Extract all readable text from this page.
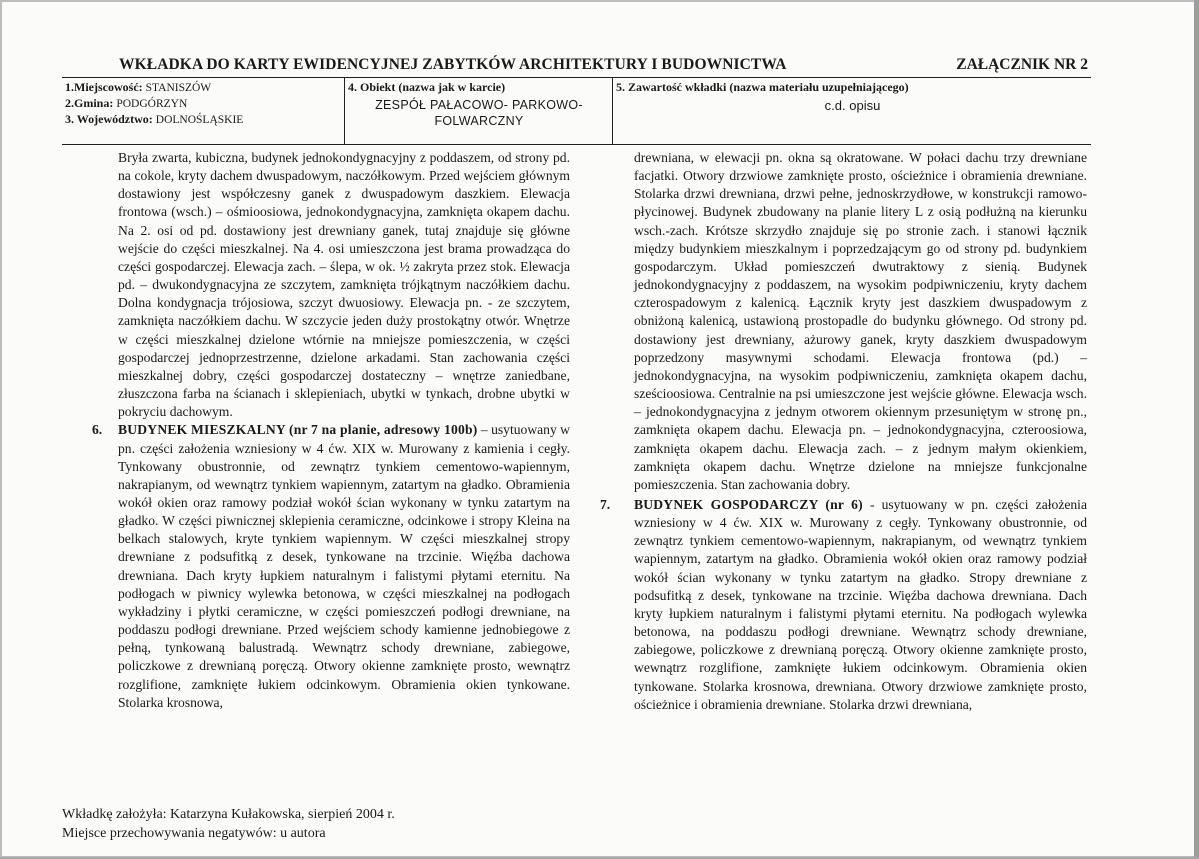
WKŁADKA DO KARTY EWIDENCYJNEJ ZABYTKÓW ARCHITEKTURY I BUDOWNICTWA	ZAŁĄCZNIK NR 2
1.Miejscowość: STANISZÓW
2.Gmina: PODGÓRZYN
3. Województwo: DOLNOŚLĄSKIE
4. Obiekt (nazwa jak w karcie)
ZESPÓŁ PAŁACOWO- PARKOWO-
FOLWARCZNY
5. Zawartość wkładki (nazwa materiału uzupełniającego)
c.d. opisu

Bryła zwarta, kubiczna, budynek jednokondygnacyjny z poddaszem, od strony pd. na cokole, kryty dachem dwuspadowym, naczółkowym. Przed wejściem głównym dostawiony jest współczesny ganek z dwuspadowym daszkiem. Elewacja frontowa (wsch.) – ośmioosiowa, jednokondygnacyjna, zamknięta okapem dachu. Na 2. osi od pd. dostawiony jest drewniany ganek, tutaj znajduje się główne wejście do części mieszkalnej. Na 4. osi umieszczona jest brama prowadząca do części gospodarczej. Elewacja zach. – ślepa, w ok. ½ zakryta przez stok. Elewacja pd. – dwukondygnacyjna ze szczytem, zamknięta trójkątnym naczółkiem dachu. Dolna kondygnacja trójosiowa, szczyt dwuosiowy. Elewacja pn. - ze szczytem, zamknięta naczółkiem dachu. W szczycie jeden duży prostokątny otwór. Wnętrze w części mieszkalnej dzielone wtórnie na mniejsze pomieszczenia, w części gospodarczej jednoprzestrzenne, dzielone arkadami. Stan zachowania części mieszkalnej dobry, części gospodarczej dostateczny – wnętrze zaniedbane, złuszczona farba na ścianach i sklepieniach, ubytki w tynkach, drobne ubytki w pokryciu dachowym.

6. BUDYNEK MIESZKALNY (nr 7 na planie, adresowy 100b) – usytuowany w pn. części założenia wzniesiony w 4 ćw. XIX w. Murowany z kamienia i cegły. Tynkowany obustronnie, od zewnątrz tynkiem cementowo-wapiennym, nakrapianym, od wewnątrz tynkiem wapiennym, zatartym na gładko. Obramienia wokół okien oraz ramowy podział wokół ścian wykonany w tynku zatartym na gładko. W części piwnicznej sklepienia ceramiczne, odcinkowe i stropy Kleina na belkach stalowych, kryte tynkiem wapiennym. W części mieszkalnej stropy drewniane z podsufitką z desek, tynkowane na trzcinie. Więźba dachowa drewniana. Dach kryty łupkiem naturalnym i falistymi płytami eternitu. Na podłogach w piwnicy wylewka betonowa, w części mieszkalnej na podłogach wykładziny i płytki ceramiczne, w części pomieszczeń podłogi drewniane, na poddaszu podłogi drewniane. Przed wejściem schody kamienne jednobiegowe z pełną, tynkowaną balustradą. Wewnątrz schody drewniane, zabiegowe, policzkowe z drewnianą poręczą. Otwory okienne zamknięte prosto, wewnątrz rozglifione, zamknięte łukiem odcinkowym. Obramienia okien tynkowane. Stolarka krosnowa,

drewniana, w elewacji pn. okna są okratowane. W połaci dachu trzy drewniane facjatki. Otwory drzwiowe zamknięte prosto, ościeżnice i obramienia drewniane. Stolarka drzwi drewniana, drzwi pełne, jednoskrzydłowe, w konstrukcji ramowo-płycinowej. Budynek zbudowany na planie litery L z osią podłużną na kierunku wsch.-zach. Krótsze skrzydło znajduje się po stronie zach. i stanowi łącznik między budynkiem mieszkalnym i poprzedzającym go od strony pd. budynkiem gospodarczym. Układ pomieszczeń dwutraktowy z sienią. Budynek jednokondygnacyjny z poddaszem, na wysokim podpiwniczeniu, kryty dachem czterospadowym z kalenicą. Łącznik kryty jest daszkiem dwuspadowym z obniżoną kalenicą, ustawioną prostopadle do budynku głównego. Od strony pd. dostawiony jest drewniany, ażurowy ganek, kryty daszkiem dwuspadowym poprzedzony masywnymi schodami. Elewacja frontowa (pd.) – jednokondygnacyjna, na wysokim podpiwniczeniu, zamknięta okapem dachu, sześcioosiowa. Centralnie na psi umieszczone jest wejście główne. Elewacja wsch. – jednokondygnacyjna z jednym otworem okiennym przesuniętym w stronę pn., zamknięta okapem dachu. Elewacja pn. – jednokondygnacyjna, czteroosiowa, zamknięta okapem dachu. Elewacja zach. – z jednym małym okienkiem, zamknięta okapem dachu. Wnętrze dzielone na mniejsze funkcjonalne pomieszczenia. Stan zachowania dobry.

7. BUDYNEK GOSPODARCZY (nr 6) - usytuowany w pn. części założenia wzniesiony w 4 ćw. XIX w. Murowany z cegły. Tynkowany obustronnie, od zewnątrz tynkiem cementowo-wapiennym, nakrapianym, od wewnątrz tynkiem wapiennym, zatartym na gładko. Obramienia wokół okien oraz ramowy podział wokół ścian wykonany w tynku zatartym na gładko. Stropy drewniane z podsufitką z desek, tynkowane na trzcinie. Więźba dachowa drewniana. Dach kryty łupkiem naturalnym i falistymi płytami eternitu. Na podłogach wylewka betonowa, na poddaszu podłogi drewniane. Wewnątrz schody drewniane, zabiegowe, policzkowe z drewnianą poręczą. Otwory okienne zamknięte prosto, wewnątrz rozglifione, zamknięte łukiem odcinkowym. Obramienia okien tynkowane. Stolarka krosnowa, drewniana. Otwory drzwiowe zamknięte prosto, ościeżnice i obramienia drewniane. Stolarka drzwi drewniana,
Wkładkę założyła: Katarzyna Kułakowska, sierpień 2004 r.
Miejsce przechowywania negatywów: u autora
